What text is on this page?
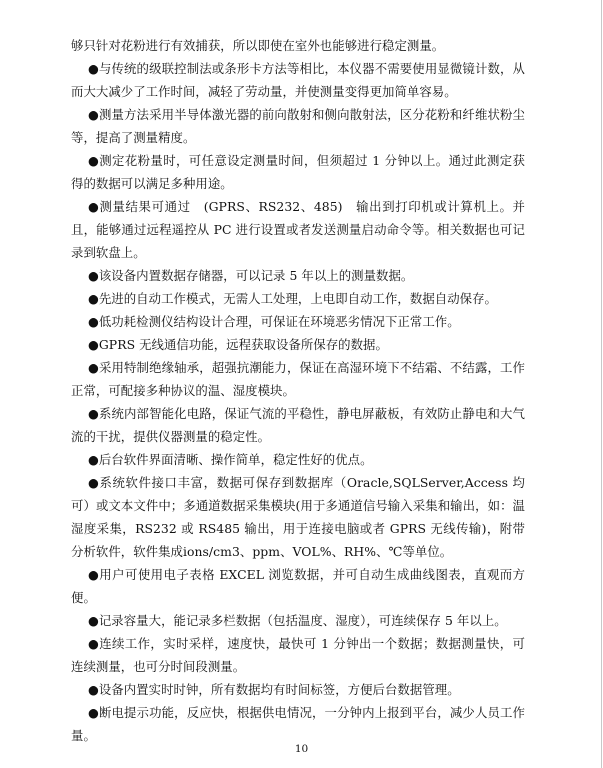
够只针对花粉进行有效捕获，所以即使在室外也能够进行稳定测量。

●与传统的级联控制法或条形卡方法等相比，本仪器不需要使用显微镜计数，从而大大减少了工作时间，减轻了劳动量，并使测量变得更加简单容易。

●测量方法采用半导体激光器的前向散射和侧向散射法，区分花粉和纤维状粉尘等，提高了测量精度。

●测定花粉量时，可任意设定测量时间，但须超过 1 分钟以上。通过此测定获得的数据可以满足多种用途。

●测量结果可通过　(GPRS、RS232、485)　输出到打印机或计算机上。并且，能够通过远程遥控从 PC 进行设置或者发送测量启动命令等。相关数据也可记录到软盘上。

●该设备内置数据存储器，可以记录 5 年以上的测量数据。

●先进的自动工作模式，无需人工处理，上电即自动工作，数据自动保存。

●低功耗检测仪结构设计合理，可保证在环境恶劣情况下正常工作。

●GPRS 无线通信功能，远程获取设备所保存的数据。

●采用特制绝缘轴承，超强抗潮能力，保证在高湿环境下不结霜、不结露，工作正常，可配接多种协议的温、湿度模块。

●系统内部智能化电路，保证气流的平稳性，静电屏蔽板，有效防止静电和大气流的干扰，提供仪器测量的稳定性。

●后台软件界面清晰、操作简单，稳定性好的优点。

●系统软件接口丰富，数据可保存到数据库（Oracle,SQLServer,Access 均可）或文本文件中；多通道数据采集模块(用于多通道信号输入采集和输出，如：温湿度采集，RS232 或 RS485 输出，用于连接电脑或者 GPRS 无线传输)，附带分析软件，软件集成ions/cm3、ppm、VOL%、RH%、℃等单位。

●用户可使用电子表格 EXCEL 浏览数据，并可自动生成曲线图表，直观而方便。

●记录容量大，能记录多栏数据（包括温度、湿度），可连续保存 5 年以上。

●连续工作，实时采样，速度快，最快可 1 分钟出一个数据；数据测量快，可连续测量，也可分时间段测量。

●设备内置实时时钟，所有数据均有时间标签，方便后台数据管理。

●断电提示功能，反应快，根据供电情况，一分钟内上报到平台，减少人员工作量。

10
